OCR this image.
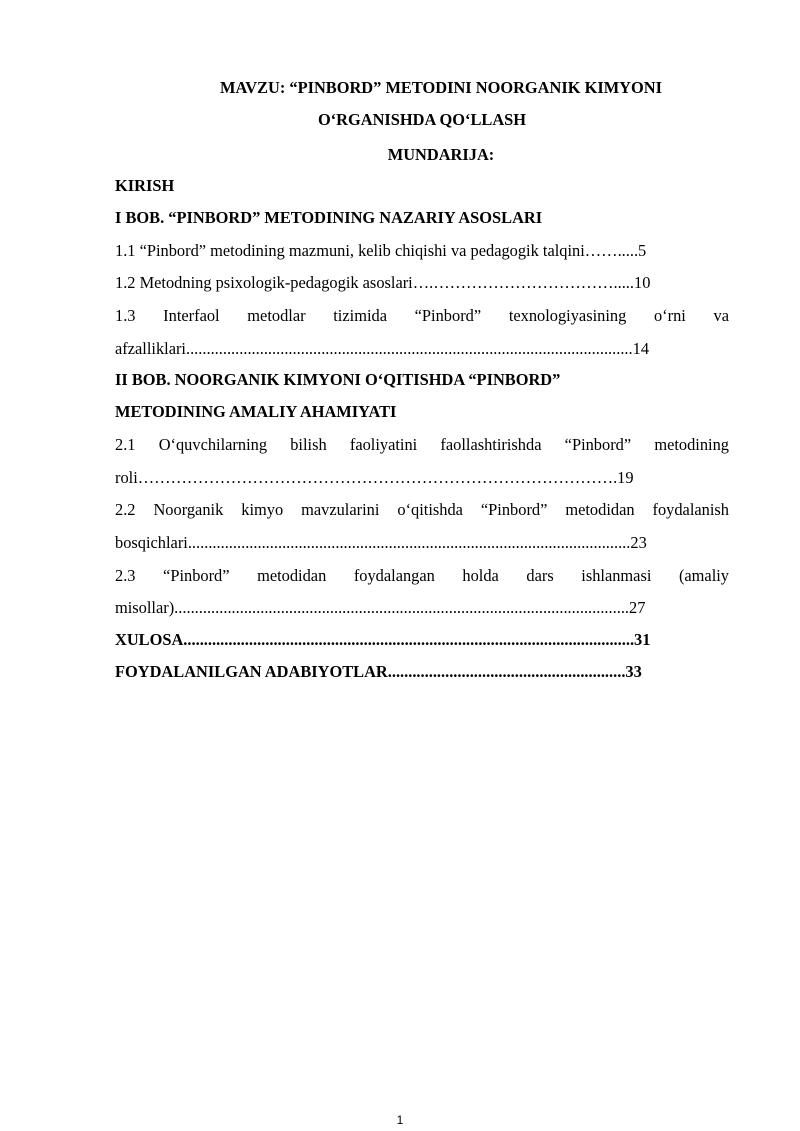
MAVZU: “PINBORD” METODINI NOORGANIK KIMYONI
O‘RGANISHDA QO‘LLASH
MUNDARIJA:
KIRISH
I BOB. “PINBORD” METODINING NAZARIY ASOSLARI
1.1 “Pinbord” metodining mazmuni, kelib chiqishi va pedagogik talqini…….....5
1.2 Metodning psixologik-pedagogik asoslari….…………………………….....10
1.3 Interfaol metodlar tizimida “Pinbord” texnologiyasining o‘rni va
afzalliklari.............................................................................................................14
II BOB. NOORGANIK KIMYONI O‘QITISHDA “PINBORD”
METODINING AMALIY AHAMIYATI
2.1 O‘quvchilarning bilish faoliyatini faollashtirishda “Pinbord” metodining
roli…………………………………………………………………………….19
2.2 Noorganik kimyo mavzularini o‘qitishda “Pinbord” metodidan foydalanish
bosqichlari............................................................................................................23
2.3 “Pinbord” metodidan foydalangan holda dars ishlanmasi (amaliy
misollar)...............................................................................................................27
XULOSA..............................................................................................................31
FOYDALANILGAN ADABIYOTLAR..........................................................33
1
